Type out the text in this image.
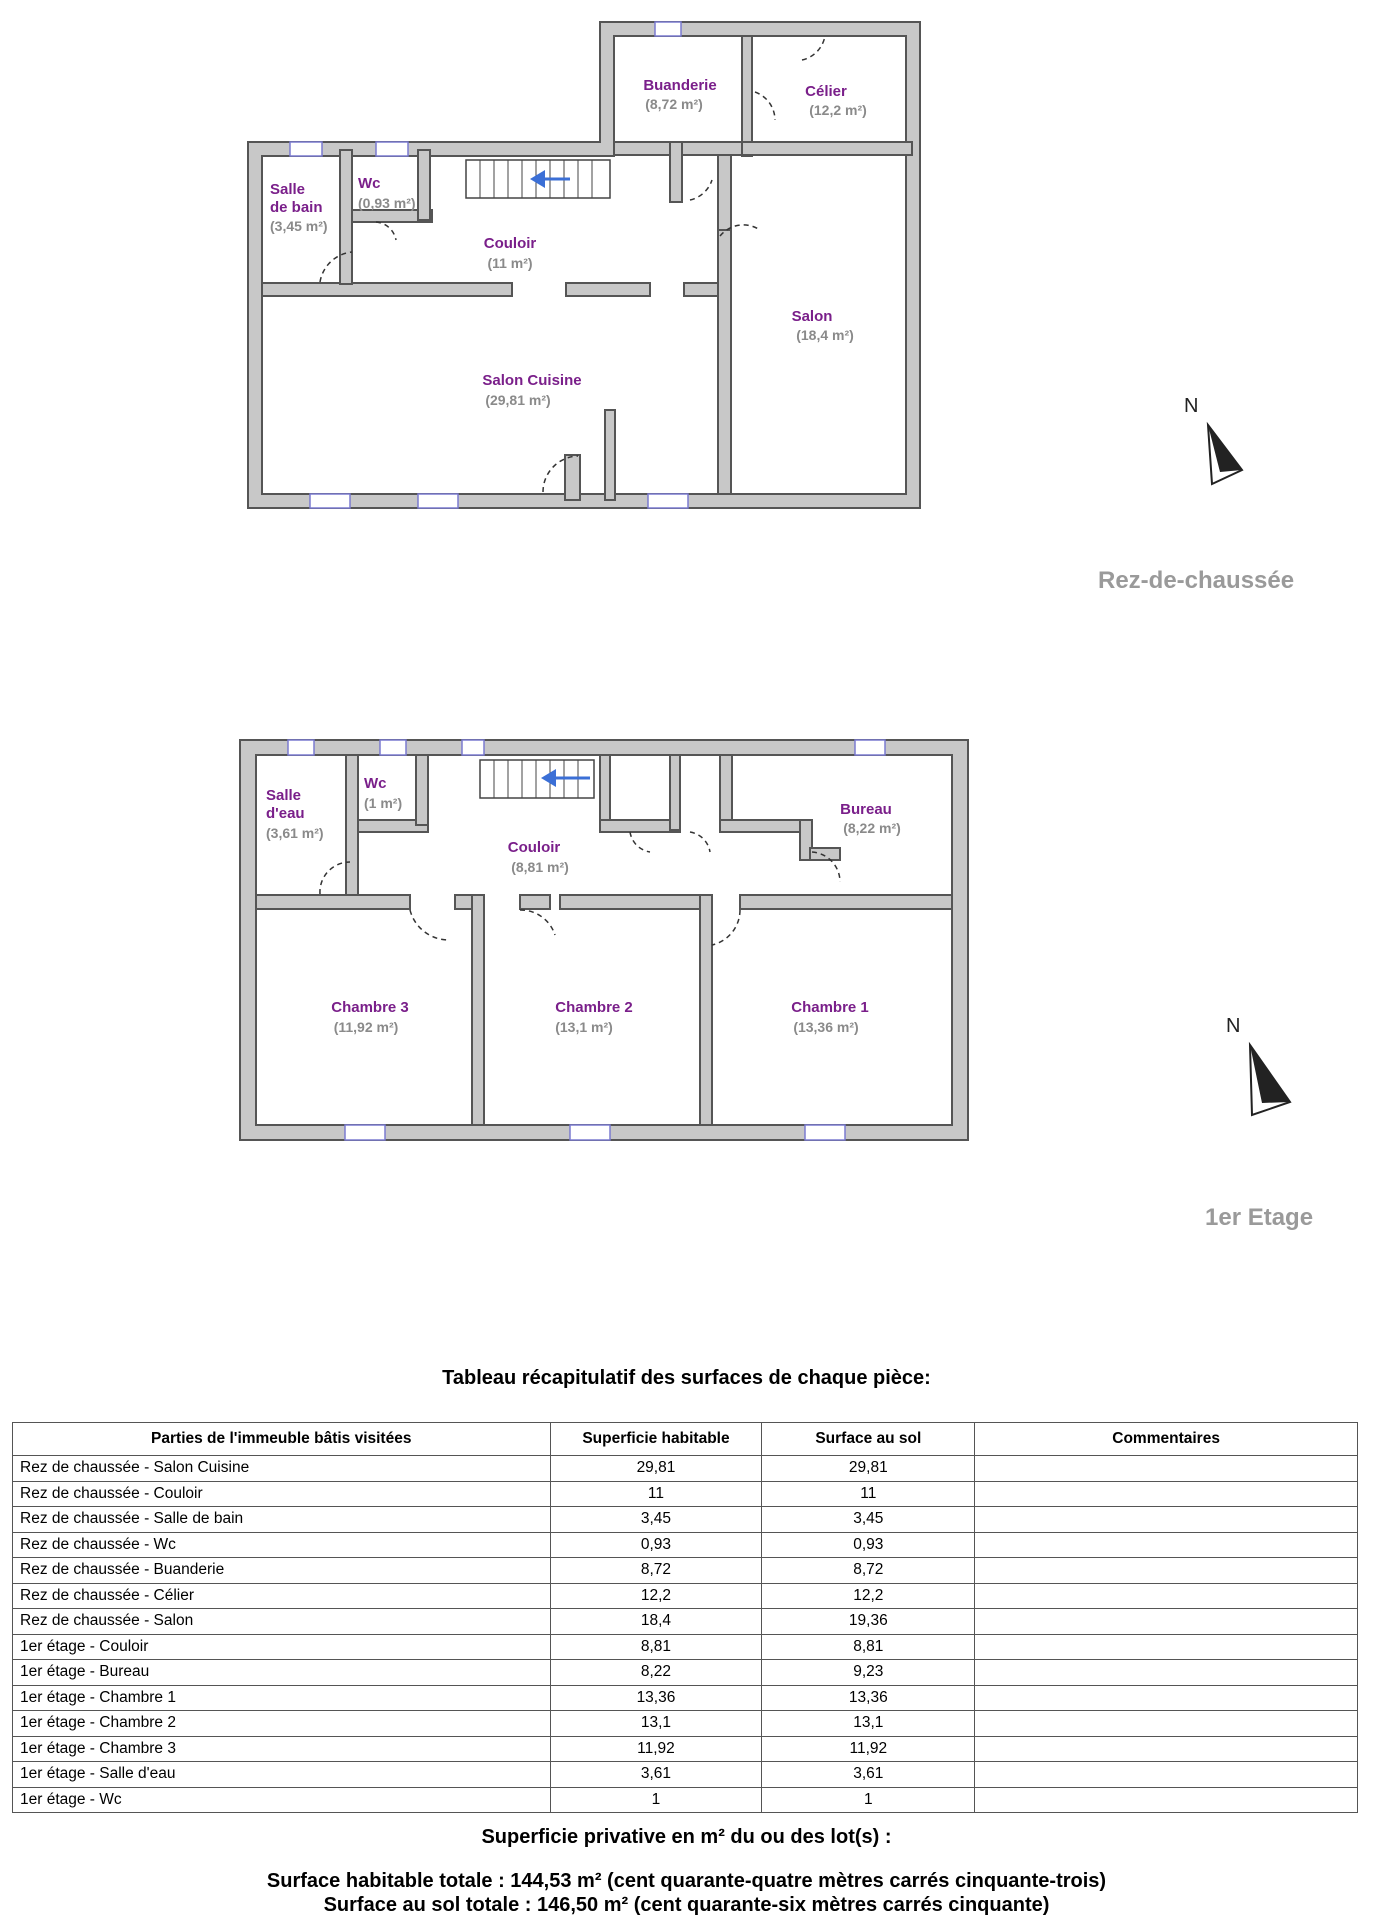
Buanderie
(8,72 m²)
Célier
(12,2 m²)
Salle
de bain
(3,45 m²)
Wc
(0,93 m²)
Couloir
(11 m²)
Salon
(18,4 m²)
Salon Cuisine
(29,81 m²)	N
Rez-de-chaussée
Salle
d'eau
(3,61 m²)
Wc
(1 m²)
Couloir
(8,81 m²)
Bureau
(8,22 m²)
Chambre 3
(11,92 m²)
Chambre 2
(13,1 m²)
Chambre 1
(13,36 m²)	N
1er Etage
Tableau récapitulatif des surfaces de chaque pièce:
Parties de l'immeuble bâtis visitées	Superficie habitable	Surface au sol	Commentaires
Rez de chaussée - Salon Cuisine	29,81	29,81	
Rez de chaussée - Couloir	11	11	
Rez de chaussée - Salle de bain	3,45	3,45	
Rez de chaussée - Wc	0,93	0,93	
Rez de chaussée - Buanderie	8,72	8,72	
Rez de chaussée - Célier	12,2	12,2	
Rez de chaussée - Salon	18,4	19,36	
1er étage - Couloir	8,81	8,81	
1er étage - Bureau	8,22	9,23	
1er étage - Chambre 1	13,36	13,36	
1er étage - Chambre 2	13,1	13,1	
1er étage - Chambre 3	11,92	11,92	
1er étage - Salle d'eau	3,61	3,61	
1er étage - Wc	1	1	
Superficie privative en m² du ou des lot(s) :
Surface habitable totale : 144,53 m² (cent quarante-quatre mètres carrés cinquante-trois)
Surface au sol totale : 146,50 m² (cent quarante-six mètres carrés cinquante)
